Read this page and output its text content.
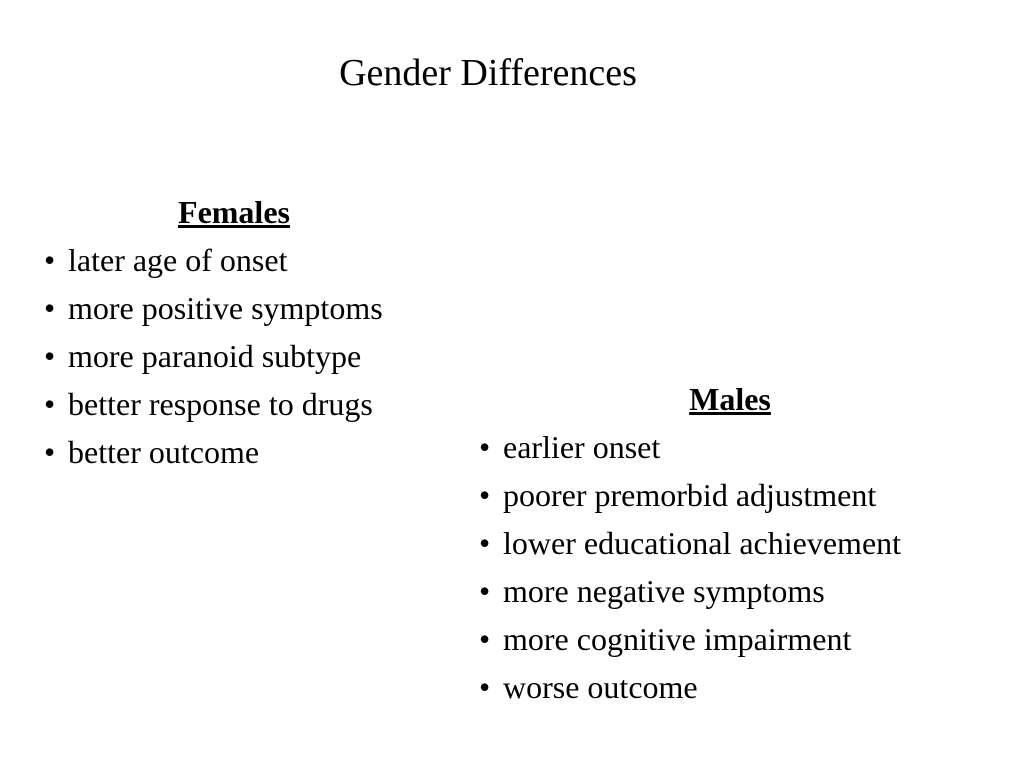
Gender Differences
Females
• later age of onset
• more positive symptoms
• more paranoid subtype
• better response to drugs
• better outcome
Males
• earlier onset
• poorer premorbid adjustment
• lower educational achievement
• more negative symptoms
• more cognitive impairment
• worse outcome
